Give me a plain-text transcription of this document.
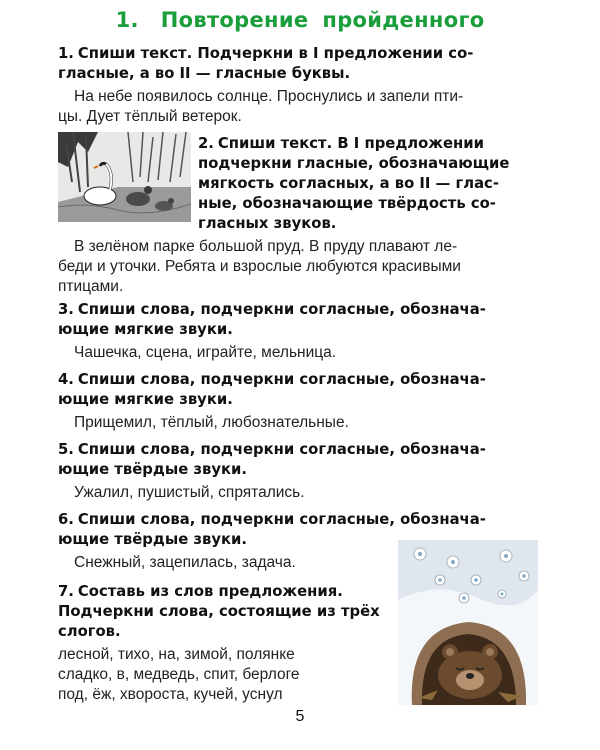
1. Повторение пройденного
1. Спиши текст. Подчеркни в I предложении со-
гласные, а во II — гласные буквы.
На небе появилось солнце. Проснулись и запели пти-
цы. Дует тёплый ветерок.
2. Спиши текст. В I предложении
подчеркни гласные, обозначающие
мягкость согласных, а во II — глас-
ные, обозначающие твёрдость со-
гласных звуков.
В зелёном парке большой пруд. В пруду плавают ле-
беди и уточки. Ребята и взрослые любуются красивыми
птицами.
3. Спиши слова, подчеркни согласные, обознача-
ющие мягкие звуки.
Чашечка, сцена, играйте, мельница.
4. Спиши слова, подчеркни согласные, обознача-
ющие мягкие звуки.
Прищемил, тёплый, любознательные.
5. Спиши слова, подчеркни согласные, обознача-
ющие твёрдые звуки.
Ужалил, пушистый, спрятались.
6. Спиши слова, подчеркни согласные, обознача-
ющие твёрдые звуки.
Снежный, зацепилась, задача.
7. Составь из слов предложения.
Подчеркни слова, состоящие из трёх
слогов.
лесной, тихо, на, зимой, полянке
сладко, в, медведь, спит, берлоге
под, ёж, хвороста, кучей, уснул
5
